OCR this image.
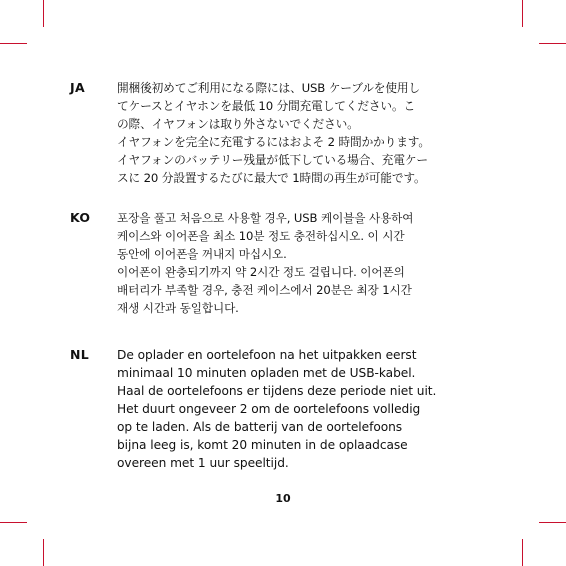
JA	開梱後初めてご利用になる際には、USB ケーブルを使用し
てケースとイヤホンを最低 10 分間充電してください。こ
の際、イヤフォンは取り外さないでください。
イヤフォンを完全に充電するにはおよそ 2 時間かかります。
イヤフォンのバッテリー残量が低下している場合、充電ケー
スに 20 分設置するたびに最大で 1時間の再生が可能です。
KO 포장을 풀고 처음으로 사용할 경우, USB 케이블을 사용하여
케이스와 이어폰을 최소 10분 정도 충전하십시오. 이 시간
동안에 이어폰을 꺼내지 마십시오.
이어폰이 완충되기까지 약 2시간 정도 걸립니다. 이어폰의
배터리가 부족할 경우, 충전 케이스에서 20분은 최장 1시간
재생 시간과 동일합니다.
NL De oplader en oortelefoon na het uitpakken eerst
minimaal 10 minuten opladen met de USB-kabel.
Haal de oortelefoons er tijdens deze periode niet uit.
Het duurt ongeveer 2 om de oortelefoons volledig
op te laden. Als de batterij van de oortelefoons
bijna leeg is, komt 20 minuten in de oplaadcase
overeen met 1 uur speeltijd.
10
